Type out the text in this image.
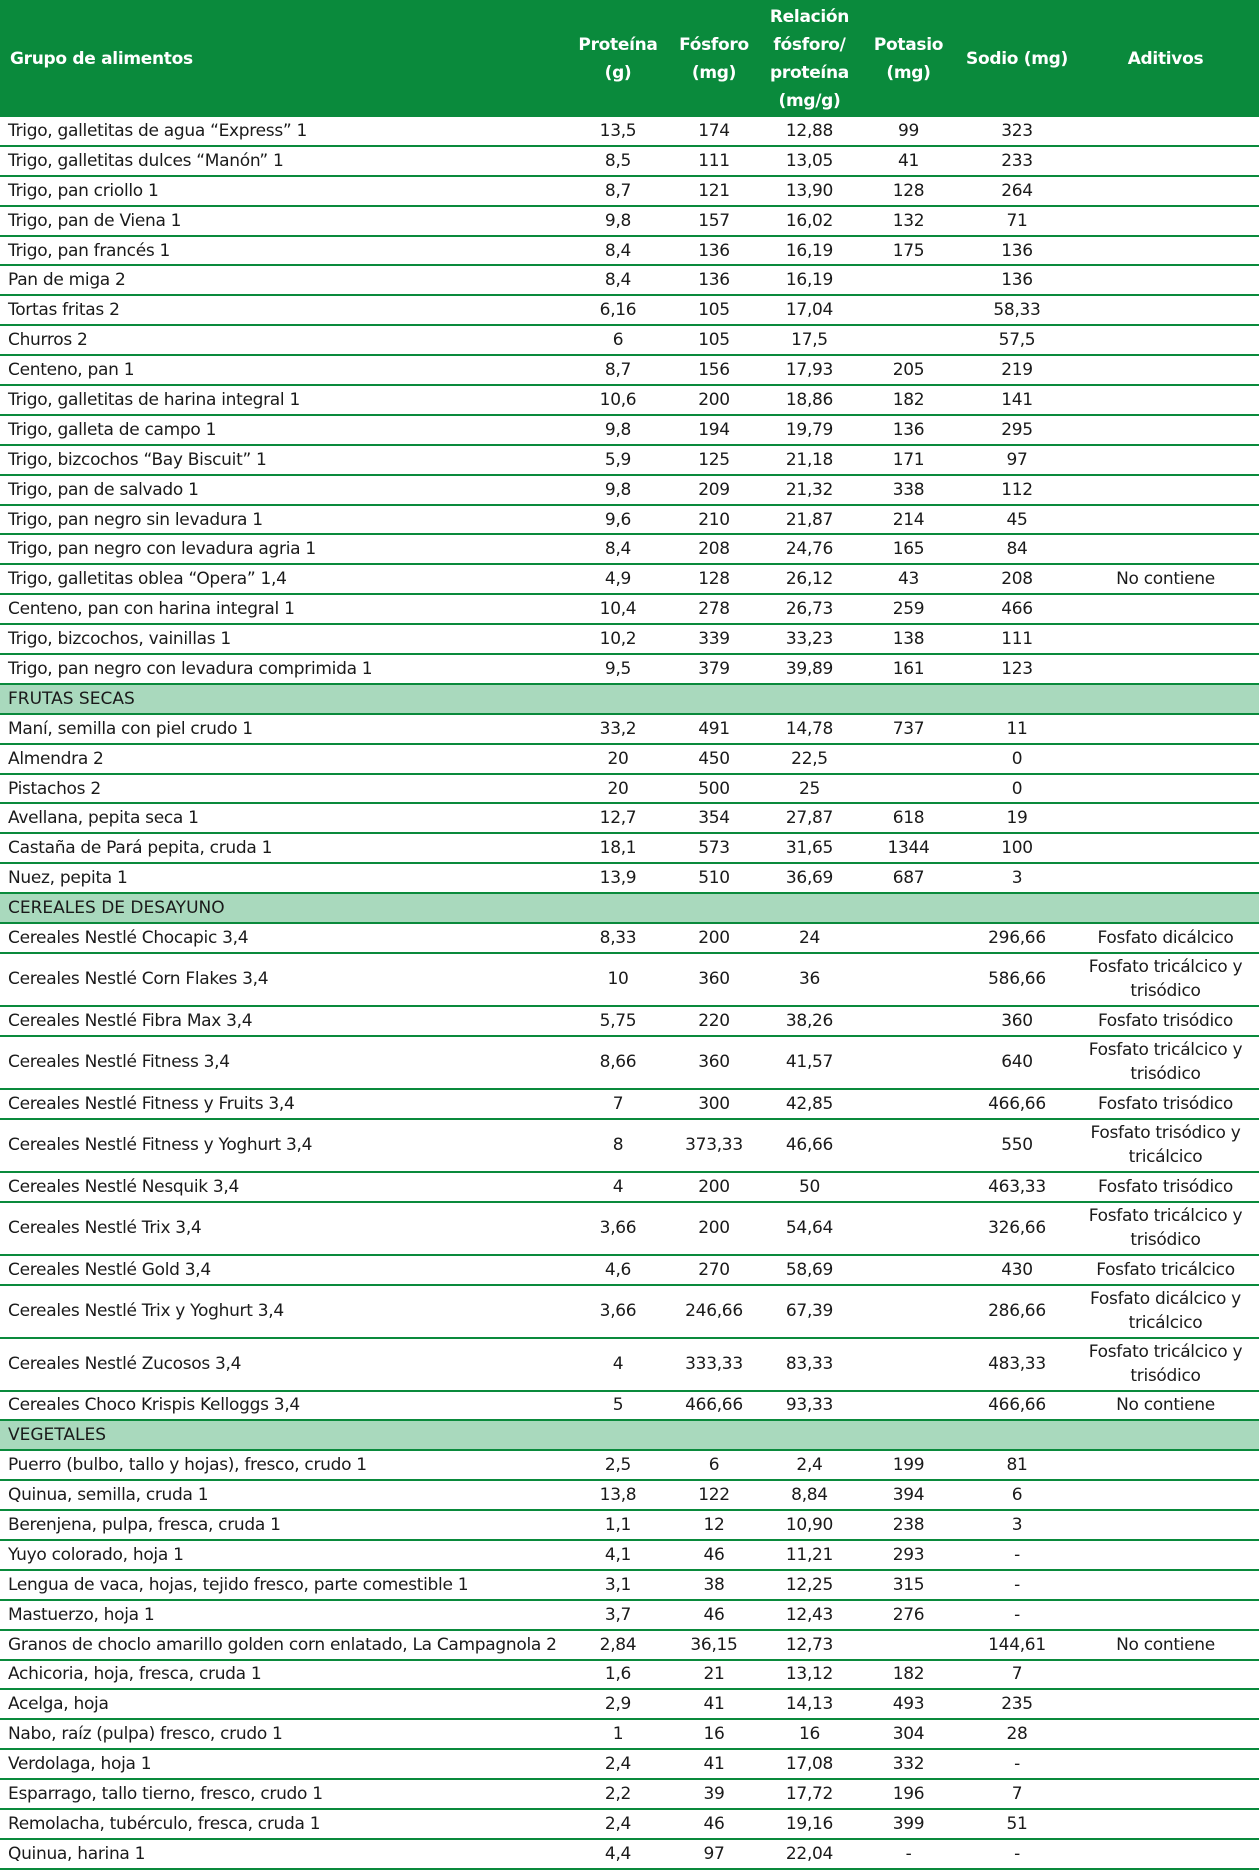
Grupo de alimentos	Proteína (g)	Fósforo (mg)	Relación fósforo/ proteína (mg/g)	Potasio (mg)	Sodio (mg)	Aditivos
Trigo, galletitas de agua “Express” 1	13,5	174	12,88	99	323	
Trigo, galletitas dulces “Manón” 1	8,5	111	13,05	41	233	
Trigo, pan criollo 1	8,7	121	13,90	128	264	
Trigo, pan de Viena 1	9,8	157	16,02	132	71	
Trigo, pan francés 1	8,4	136	16,19	175	136	
Pan de miga 2	8,4	136	16,19		136	
Tortas fritas 2	6,16	105	17,04		58,33	
Churros 2	6	105	17,5		57,5	
Centeno, pan 1	8,7	156	17,93	205	219	
Trigo, galletitas de harina integral 1	10,6	200	18,86	182	141	
Trigo, galleta de campo 1	9,8	194	19,79	136	295	
Trigo, bizcochos “Bay Biscuit” 1	5,9	125	21,18	171	97	
Trigo, pan de salvado 1	9,8	209	21,32	338	112	
Trigo, pan negro sin levadura 1	9,6	210	21,87	214	45	
Trigo, pan negro con levadura agria 1	8,4	208	24,76	165	84	
Trigo, galletitas oblea “Opera” 1,4	4,9	128	26,12	43	208	No contiene
Centeno, pan con harina integral 1	10,4	278	26,73	259	466	
Trigo, bizcochos, vainillas 1	10,2	339	33,23	138	111	
Trigo, pan negro con levadura comprimida 1	9,5	379	39,89	161	123	
FRUTAS SECAS						
Maní, semilla con piel crudo 1	33,2	491	14,78	737	11	
Almendra 2	20	450	22,5		0	
Pistachos 2	20	500	25		0	
Avellana, pepita seca 1	12,7	354	27,87	618	19	
Castaña de Pará pepita, cruda 1	18,1	573	31,65	1344	100	
Nuez, pepita 1	13,9	510	36,69	687	3	
CEREALES DE DESAYUNO						
Cereales Nestlé Chocapic 3,4	8,33	200	24		296,66	Fosfato dicálcico
Cereales Nestlé Corn Flakes 3,4	10	360	36		586,66	Fosfato tricálcico y trisódico
Cereales Nestlé Fibra Max 3,4	5,75	220	38,26		360	Fosfato trisódico
Cereales Nestlé Fitness 3,4	8,66	360	41,57		640	Fosfato tricálcico y trisódico
Cereales Nestlé Fitness y Fruits 3,4	7	300	42,85		466,66	Fosfato trisódico
Cereales Nestlé Fitness y Yoghurt 3,4	8	373,33	46,66		550	Fosfato trisódico y tricálcico
Cereales Nestlé Nesquik 3,4	4	200	50		463,33	Fosfato trisódico
Cereales Nestlé Trix 3,4	3,66	200	54,64		326,66	Fosfato tricálcico y trisódico
Cereales Nestlé Gold 3,4	4,6	270	58,69		430	Fosfato tricálcico
Cereales Nestlé Trix y Yoghurt 3,4	3,66	246,66	67,39		286,66	Fosfato dicálcico y tricálcico
Cereales Nestlé Zucosos 3,4	4	333,33	83,33		483,33	Fosfato tricálcico y trisódico
Cereales Choco Krispis Kelloggs 3,4	5	466,66	93,33		466,66	No contiene
VEGETALES						
Puerro (bulbo, tallo y hojas), fresco, crudo 1	2,5	6	2,4	199	81	
Quinua, semilla, cruda 1	13,8	122	8,84	394	6	
Berenjena, pulpa, fresca, cruda 1	1,1	12	10,90	238	3	
Yuyo colorado, hoja 1	4,1	46	11,21	293	-	
Lengua de vaca, hojas, tejido fresco, parte comestible 1	3,1	38	12,25	315	-	
Mastuerzo, hoja 1	3,7	46	12,43	276	-	
Granos de choclo amarillo golden corn enlatado, La Campagnola 2	2,84	36,15	12,73		144,61	No contiene
Achicoria, hoja, fresca, cruda 1	1,6	21	13,12	182	7	
Acelga, hoja	2,9	41	14,13	493	235	
Nabo, raíz (pulpa) fresco, crudo 1	1	16	16	304	28	
Verdolaga, hoja 1	2,4	41	17,08	332	-	
Esparrago, tallo tierno, fresco, crudo 1	2,2	39	17,72	196	7	
Remolacha, tubérculo, fresca, cruda 1	2,4	46	19,16	399	51	
Quinua, harina 1	4,4	97	22,04	-	-	
